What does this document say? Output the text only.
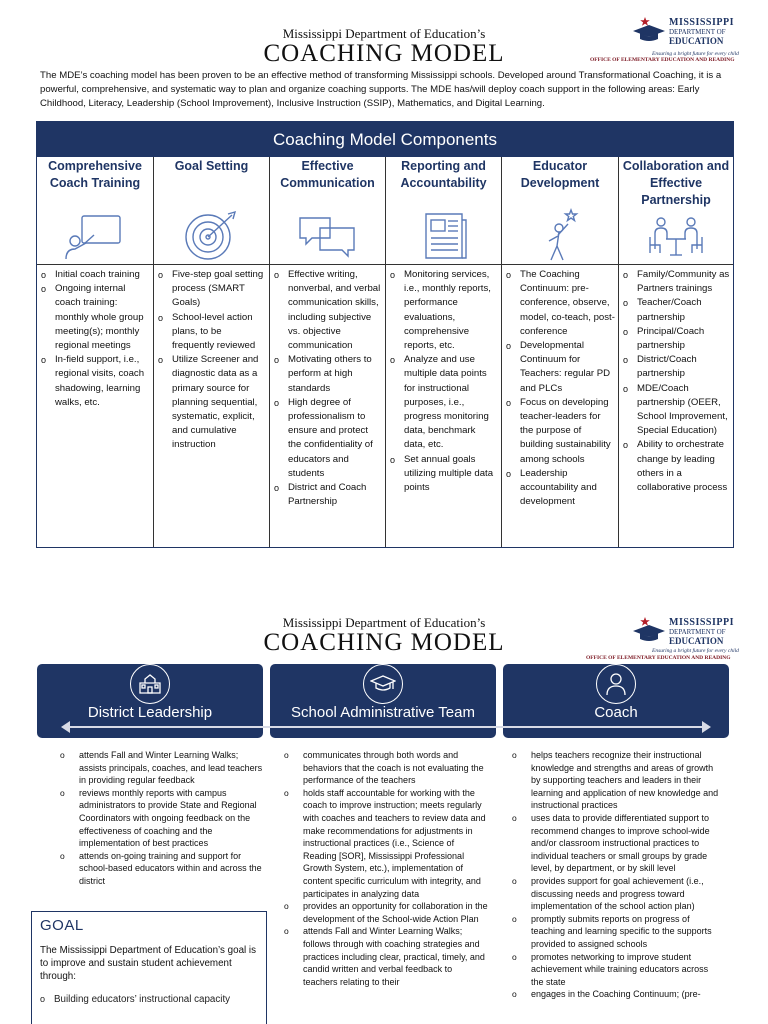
Mississippi Department of Education’s
COACHING MODEL
MISSISSIPPI
DEPARTMENT OF
EDUCATION
Ensuring a bright future for every child
OFFICE OF ELEMENTARY EDUCATION AND READING
The MDE’s coaching model has been proven to be an effective method of transforming Mississippi schools. Developed around Transformational Coaching, it is a powerful, comprehensive, and systematic way to plan and organize coaching supports. The MDE has/will deploy coach support in the following areas: Early Childhood, Literacy, Leadership (School Improvement), Inclusive Instruction (SSIP), Mathematics, and Digital Learning.
Coaching Model Components
Comprehensive Coach Training
o Initial coach training
o Ongoing internal coach training: monthly whole group meeting(s); monthly regional meetings
o In-field support, i.e., regional visits, coach shadowing, learning walks, etc.
Goal Setting
o Five-step goal setting process (SMART Goals)
o School-level action plans, to be frequently reviewed
o Utilize Screener and diagnostic data as a primary source for planning sequential, systematic, explicit, and cumulative instruction
Effective Communication
o Effective writing, nonverbal, and verbal communication skills, including subjective vs. objective communication
o Motivating others to perform at high standards
o High degree of professionalism to ensure and protect the confidentiality of educators and students
o District and Coach Partnership
Reporting and Accountability
o Monitoring services, i.e., monthly reports, performance evaluations, comprehensive reports, etc.
o Analyze and use multiple data points for instructional purposes, i.e., progress monitoring data, benchmark data, etc.
o Set annual goals utilizing multiple data points
Educator Development
o The Coaching Continuum: pre-conference, observe, model, co-teach, post-conference
o Developmental Continuum for Teachers: regular PD and PLCs
o Focus on developing teacher-leaders for the purpose of building sustainability among schools
o Leadership accountability and development
Collaboration and Effective Partnership
o Family/Community as Partners trainings
o Teacher/Coach partnership
o Principal/Coach partnership
o District/Coach partnership
o MDE/Coach partnership (OEER, School Improvement, Special Education)
o Ability to orchestrate change by leading others in a collaborative process
Mississippi Department of Education’s
COACHING MODEL
MISSISSIPPI
DEPARTMENT OF
EDUCATION
Ensuring a bright future for every child
OFFICE OF ELEMENTARY EDUCATION AND READING
District Leadership	School Administrative Team	Coach
o attends Fall and Winter Learning Walks; assists principals, coaches, and lead teachers in providing regular feedback
o reviews monthly reports with campus administrators to provide State and Regional Coordinators with ongoing feedback on the effectiveness of coaching and the implementation of best practices
o attends on-going training and support for school-based educators within and across the district
o communicates through both words and behaviors that the coach is not evaluating the performance of the teachers
o holds staff accountable for working with the coach to improve instruction; meets regularly with coaches and teachers to review data and make recommendations for adjustments in instructional practices (i.e., Science of Reading [SOR], Mississippi Professional Growth System, etc.), implementation of content specific curriculum with integrity, and participates in analyzing data
o provides an opportunity for collaboration in the development of the School-wide Action Plan
o attends Fall and Winter Learning Walks; follows through with coaching strategies and practices including clear, practical, timely, and candid written and verbal feedback to teachers relating to their
o helps teachers recognize their instructional knowledge and strengths and areas of growth by supporting teachers and leaders in their learning and application of new knowledge and instructional practices
o uses data to provide differentiated support to recommend changes to improve school-wide and/or classroom instructional practices to individual teachers or small groups by grade level, by department, or by skill level
o provides support for goal achievement (i.e., discussing needs and progress toward implementation of the school action plan)
o promptly submits reports on progress of teaching and learning specific to the supports provided to assigned schools
o promotes networking to improve student achievement while training educators across the state
o engages in the Coaching Continuum; (pre-
GOAL
The Mississippi Department of Education’s goal is to improve and sustain student achievement through:
o Building educators’ instructional capacity
